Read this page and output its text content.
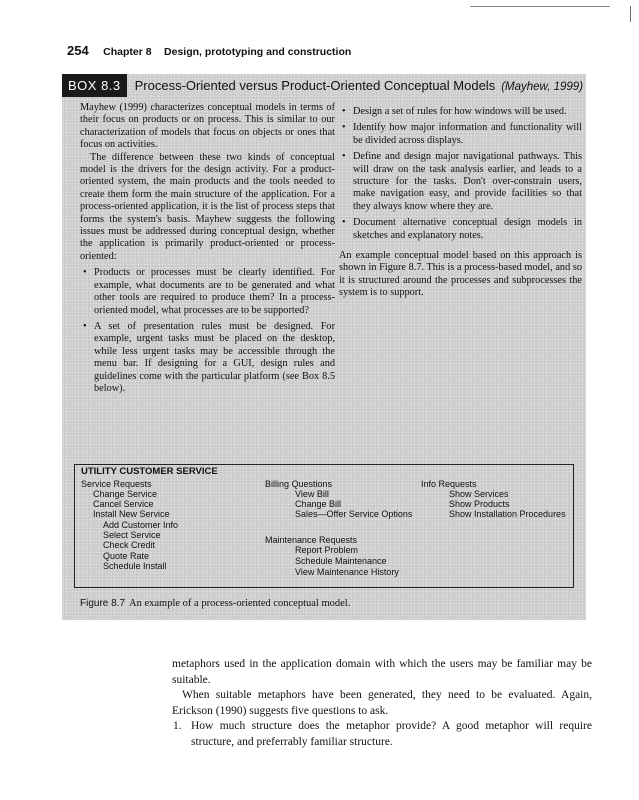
254 Chapter 8 Design, prototyping and construction
BOX 8.3	Process-Oriented versus Product-Oriented Conceptual Models (Mayhew, 1999)

Mayhew (1999) characterizes conceptual models in terms of their focus on products or on process. This is similar to our characterization of models that focus on objects or ones that focus on activities.

The difference between these two kinds of conceptual model is the drivers for the design activity. For a product-oriented system, the main products and the tools needed to create them form the main structure of the application. For a process-oriented application, it is the list of process steps that forms the system's basis. Mayhew suggests the following issues must be addressed during conceptual design, whether the application is primarily product-oriented or process-oriented:

• Products or processes must be clearly identified. For example, what documents are to be generated and what other tools are required to produce them? In a process-oriented model, what processes are to be supported?
• A set of presentation rules must be designed. For example, urgent tasks must be placed on the desktop, while less urgent tasks may be accessible through the menu bar. If designing for a GUI, design rules and guidelines come with the particular platform (see Box 8.5 below).
• Design a set of rules for how windows will be used.
• Identify how major information and functionality will be divided across displays.
• Define and design major navigational pathways. This will draw on the task analysis earlier, and leads to a structure for the tasks. Don't over-constrain users, make navigation easy, and provide facilities so that they always know where they are.
• Document alternative conceptual design models in sketches and explanatory notes.

An example conceptual model based on this approach is shown in Figure 8.7. This is a process-based model, and so it is structured around the processes and subprocesses the system is to support.

UTILITY CUSTOMER SERVICE
Service Requests
Change Service
Cancel Service
Install New Service
Add Customer Info
Select Service
Check Credit
Quote Rate
Schedule Install
Billing Questions
View Bill
Change Bill
Sales—Offer Service Options
Maintenance Requests
Report Problem
Schedule Maintenance
View Maintenance History
Info Requests
Show Services
Show Products
Show Installation Procedures
Figure 8.7 An example of a process-oriented conceptual model.

metaphors used in the application domain with which the users may be familiar may be suitable.

When suitable metaphors have been generated, they need to be evaluated. Again, Erickson (1990) suggests five questions to ask.

1. How much structure does the metaphor provide? A good metaphor will require structure, and preferrably familiar structure.
